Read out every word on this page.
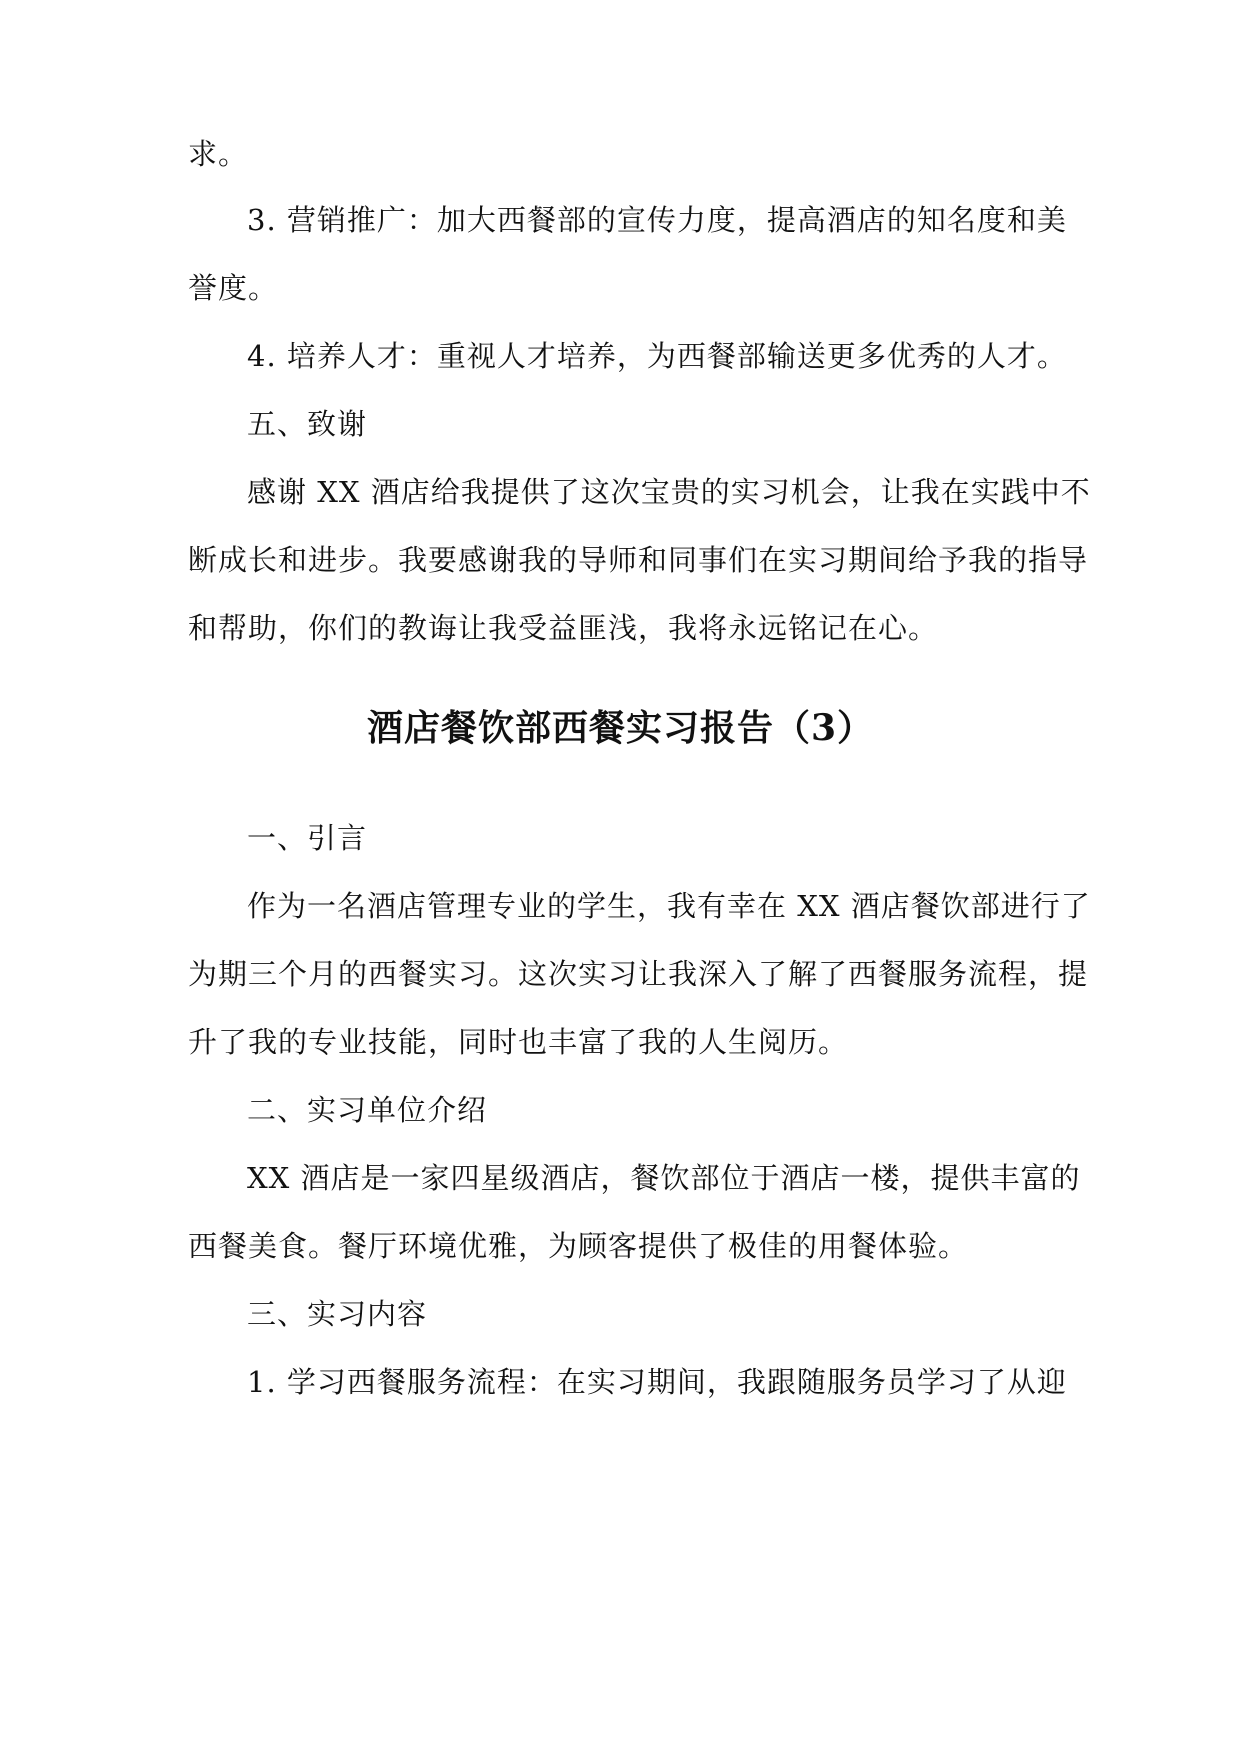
求。
3. 营销推广：加大西餐部的宣传力度，提高酒店的知名度和美
誉度。
4. 培养人才：重视人才培养，为西餐部输送更多优秀的人才。
五、致谢
感谢 XX 酒店给我提供了这次宝贵的实习机会，让我在实践中不
断成长和进步。我要感谢我的导师和同事们在实习期间给予我的指导
和帮助，你们的教诲让我受益匪浅，我将永远铭记在心。
酒店餐饮部西餐实习报告（3）
一、引言
作为一名酒店管理专业的学生，我有幸在 XX 酒店餐饮部进行了
为期三个月的西餐实习。这次实习让我深入了解了西餐服务流程，提
升了我的专业技能，同时也丰富了我的人生阅历。
二、实习单位介绍
XX 酒店是一家四星级酒店，餐饮部位于酒店一楼，提供丰富的
西餐美食。餐厅环境优雅，为顾客提供了极佳的用餐体验。
三、实习内容
1. 学习西餐服务流程：在实习期间，我跟随服务员学习了从迎
